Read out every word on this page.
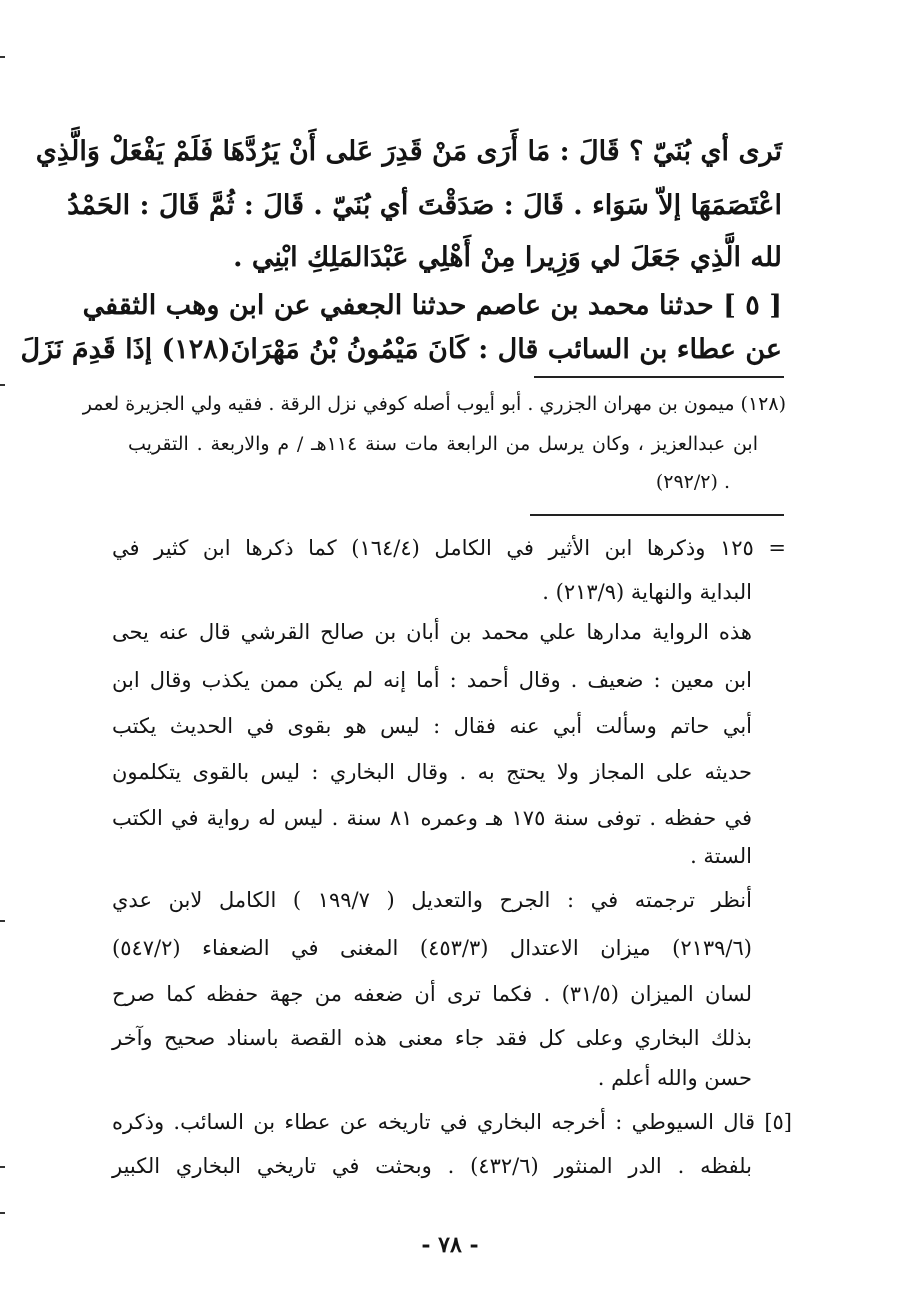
تَرى أي بُنَيّ ؟ قَالَ : مَا أَرَى مَنْ قَدِرَ عَلى أَنْ يَرُدَّهَا فَلَمْ يَفْعَلْ وَالَّذِي
اعْتَصَمَهَا إلاّ سَوَاء . قَالَ : صَدَقْتَ أي بُنَيّ . قَالَ : ثُمَّ قَالَ : الحَمْدُ
لله الَّذِي جَعَلَ لي وَزِيرا مِنْ أَهْلِي عَبْدَالمَلِكِ ابْنِي .
[ ٥ ] حدثنا محمد بن عاصم حدثنا الجعفي عن ابن وهب الثقفي
عن عطاء بن السائب قال : كَانَ مَيْمُونُ بْنُ مَهْرَانَ(١٢٨) إذَا قَدِمَ نَزَلَ
(١٢٨) ميمون بن مهران الجزري . أبو أيوب أصله كوفي نزل الرقة . فقيه ولي الجزيرة لعمر
ابن عبدالعزيز ، وكان يرسل من الرابعة مات سنة ١١٤هـ / م والاربعة . التقريب
(٢٩٢/٢) .
= ١٢٥ وذكرها ابن الأثير في الكامل (١٦٤/٤) كما ذكرها ابن كثير في
البداية والنهاية (٢١٣/٩) .
هذه الرواية مدارها علي محمد بن أبان بن صالح القرشي قال عنه يحى
ابن معين : ضعيف . وقال أحمد : أما إنه لم يكن ممن يكذب وقال ابن
أبي حاتم وسألت أبي عنه فقال : ليس هو بقوى في الحديث يكتب
حديثه على المجاز ولا يحتج به . وقال البخاري : ليس بالقوى يتكلمون
في حفظه . توفى سنة ١٧٥ هـ وعمره ٨١ سنة . ليس له رواية في الكتب
الستة .
أنظر ترجمته في : الجرح والتعديل ( ١٩٩/٧ ) الكامل لابن عدي
(٢١٣٩/٦) ميزان الاعتدال (٤٥٣/٣) المغنى في الضعفاء (٥٤٧/٢)
لسان الميزان (٣١/٥) . فكما ترى أن ضعفه من جهة حفظه كما صرح
بذلك البخاري وعلى كل فقد جاء معنى هذه القصة باسناد صحيح وآخر
حسن والله أعلم .
[٥] قال السيوطي : أخرجه البخاري في تاريخه عن عطاء بن السائب. وذكره
بلفظه . الدر المنثور (٤٣٢/٦) . وبحثت في تاريخي البخاري الكبير
- ٧٨ -
